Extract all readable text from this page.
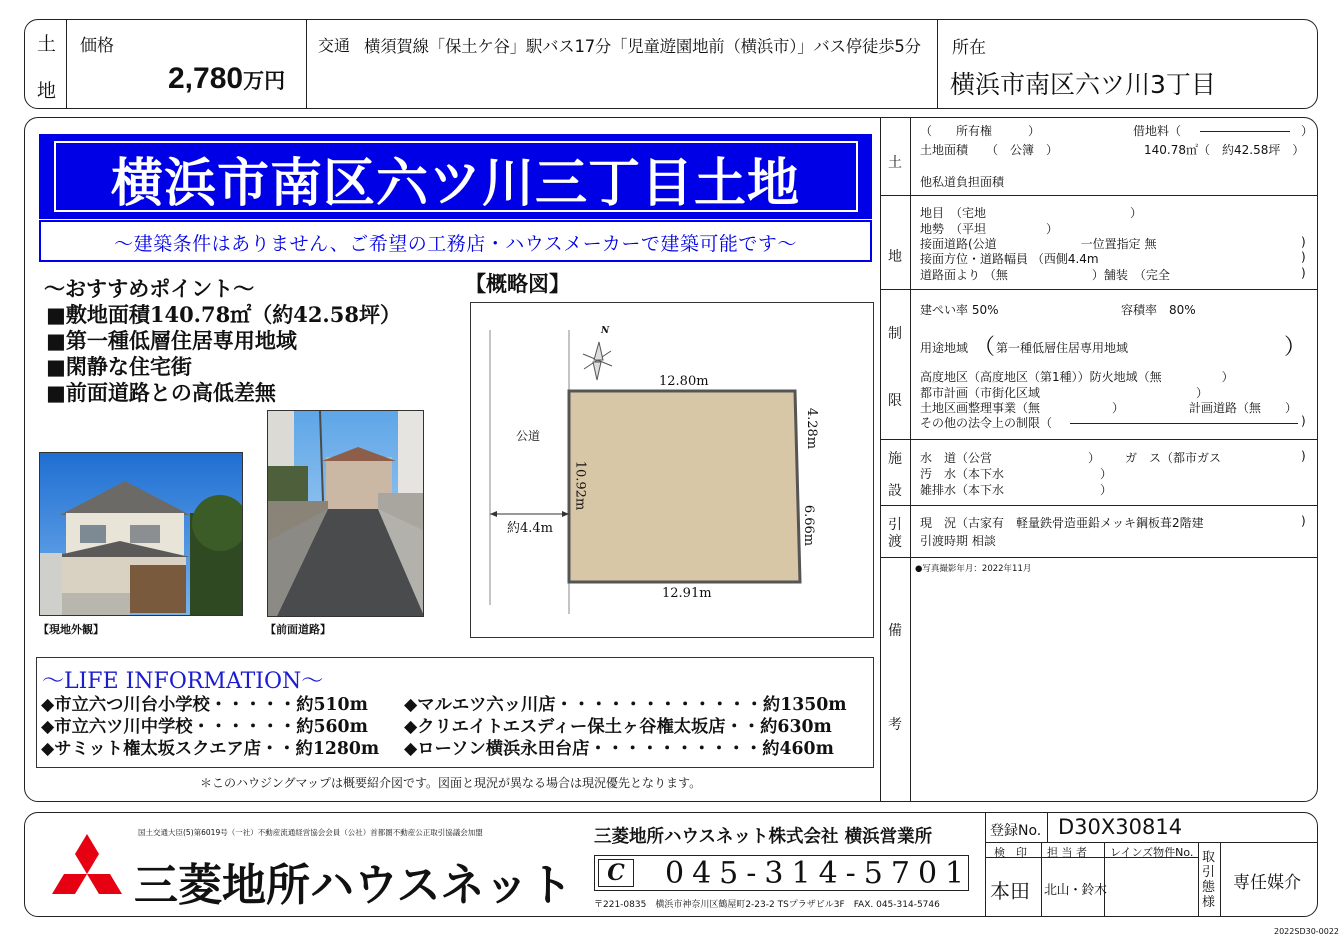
土
地
価格
2,780万円
交通 横須賀線「保土ケ谷」駅バス17分「児童遊園地前（横浜市）」バス停徒歩5分 所在
横浜市南区六ツ川3丁目
横浜市南区六ツ川三丁目土地
〜建築条件はありません、ご希望の工務店・ハウスメーカーで建築可能です〜
〜おすすめポイント〜
■敷地面積140.78㎡（約42.58坪）
■第一種低層住居専用地域
■閑静な住宅街
■前面道路との高低差無
【現地外観】	【前面道路】
【概略図】
N
公道
12.80m
12.91m
10.92m
4.28m
6.66m
約4.4m
〜LIFE INFORMATION〜
◆市立六つ川台小学校・・・・・約510m
◆市立六ツ川中学校・・・・・・約560m
◆サミット権太坂スクエア店・・約1280m
◆マルエツ六ッ川店・・・・・・・・・・・・約1350m
◆クリエイトエスディー保土ヶ谷権太坂店・・約630m
◆ローソン横浜永田台店・・・・・・・・・・約460m
＊このハウジングマップは概要紹介図です。図面と現況が異なる場合は現況優先となります。
土
地
制
限
施
設
引
渡
備
考
（　　所有権　　　）	借地料（	）
土地面積　　（　公簿　）	140.78㎡（　約42.58坪　）
他私道負担面積
地目　（宅地　　　　　　　　　　　　）
地勢　（平坦　　　　　）
接面道路(公道　　　　　　　一位置指定 無	)
接面方位・道路幅員 （西側4.4m	)
道路面より （無　　　　　　　）舗装　（完全	)
建ぺい率 50%	容積率　80%
用途地域 （ 第一種低層住居専用地域	）
高度地区（高度地区（第1種））防火地域（無　　　　　）
都市計画（市街化区域　　　　　　　　　　　　　）
土地区画整理事業（無　　　　　　）	計画道路（無　　）
その他の法令上の制限（	)
水　道（公営　　　　　　　　） ガ　ス（都市ガス	)
汚　水（本下水　　　　　　　　）
雑排水（本下水　　　　　　　　）
現　況（古家有　軽量鉄骨造亜鉛メッキ鋼板葺2階建	)
引渡時期 相談
●写真撮影年月：2022年11月
国土交通大臣(5)第6019号（一社）不動産流通経営協会会員（公社）首都圏不動産公正取引協議会加盟
三菱地所ハウスネット
三菱地所ハウスネット株式会社 横浜営業所
C	045-314-5701
〒221-0835　横浜市神奈川区鶴屋町2-23-2 TSプラザビル3F　FAX. 045-314-5746
登録No. D30X30814
検　印 担 当 者 レインズ物件No.
本田 北山・鈴木
取引態様
専任媒介
2022SD30-0022
